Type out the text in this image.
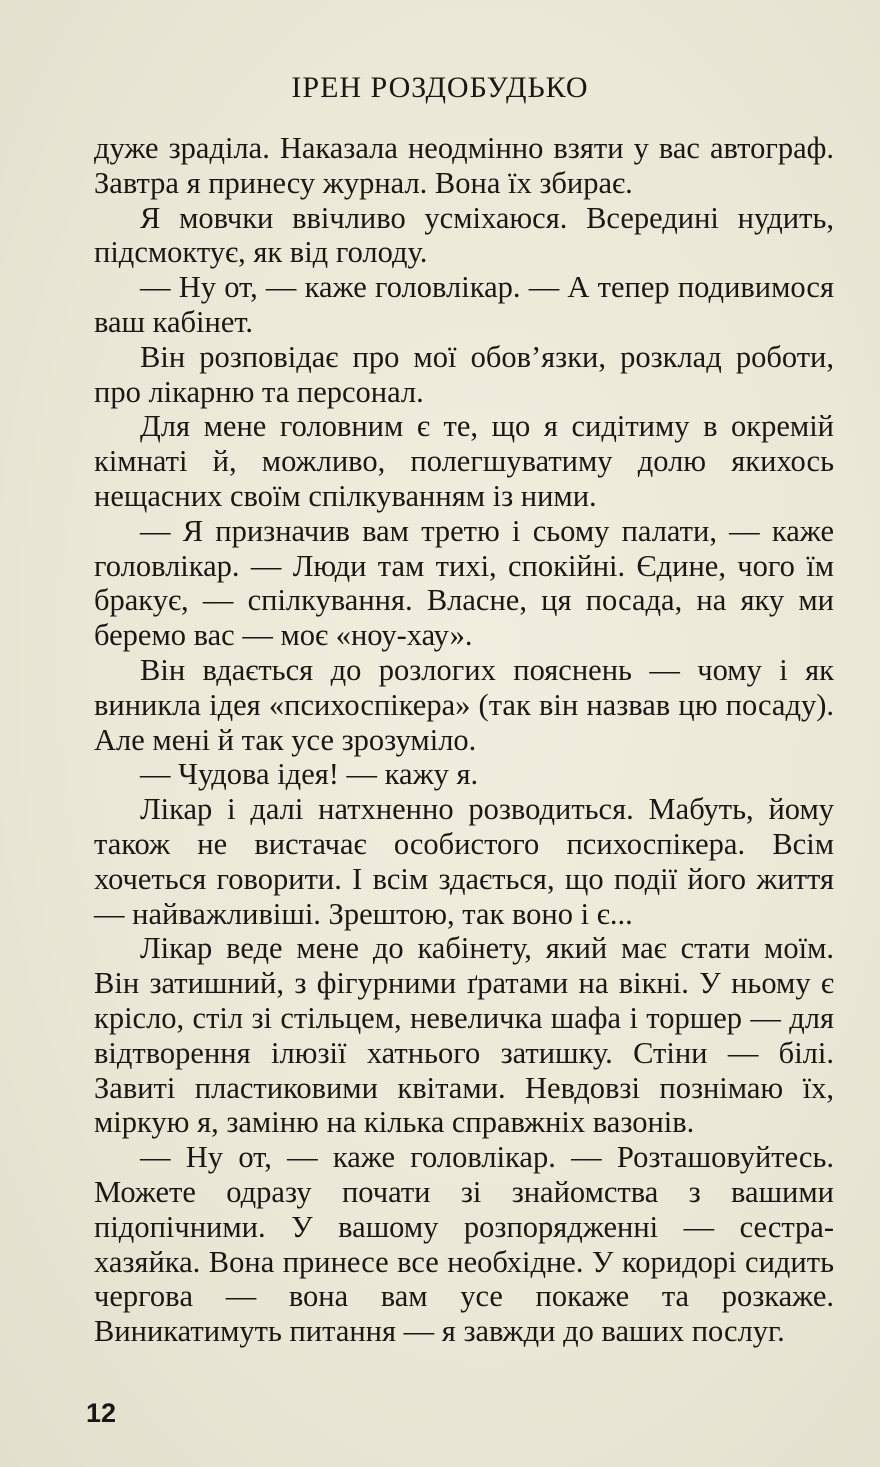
ІРЕН РОЗДОБУДЬКО

дуже зраділа. Наказала неодмінно взяти у вас автограф. Завтра я принесу журнал. Вона їх збирає.

Я мовчки ввічливо усміхаюся. Всередині нудить, підсмоктує, як від голоду.

— Ну от, — каже головлікар. — А тепер подивимося ваш кабінет.

Він розповідає про мої обов’язки, розклад роботи, про лікарню та персонал.

Для мене головним є те, що я сидітиму в окремій кімнаті й, можливо, полегшуватиму долю якихось нещасних своїм спілкуванням із ними.

— Я призначив вам третю і сьому палати, — каже головлікар. — Люди там тихі, спокійні. Єдине, чого їм бракує, — спілкування. Власне, ця посада, на яку ми беремо вас — моє «ноу-хау».

Він вдається до розлогих пояснень — чому і як виникла ідея «психоспікера» (так він назвав цю посаду). Але мені й так усе зрозуміло.

— Чудова ідея! — кажу я.

Лікар і далі натхненно розводиться. Мабуть, йому також не вистачає особистого психоспікера. Всім хочеться говорити. І всім здається, що події його життя — найважливіші. Зрештою, так воно і є...

Лікар веде мене до кабінету, який має стати моїм. Він затишний, з фігурними ґратами на вікні. У ньому є крісло, стіл зі стільцем, невеличка шафа і торшер — для відтворення ілюзії хатнього затишку. Стіни — білі. Завиті пластиковими квітами. Невдовзі познімаю їх, міркую я, заміню на кілька справжніх вазонів.

— Ну от, — каже головлікар. — Розташовуйтесь. Можете одразу почати зі знайомства з вашими підопічними. У вашому розпорядженні — сестра-хазяйка. Вона принесе все необхідне. У коридорі сидить черговa — вона вам усе покаже та розкаже. Виникатимуть питання — я завжди до ваших послуг.

12
